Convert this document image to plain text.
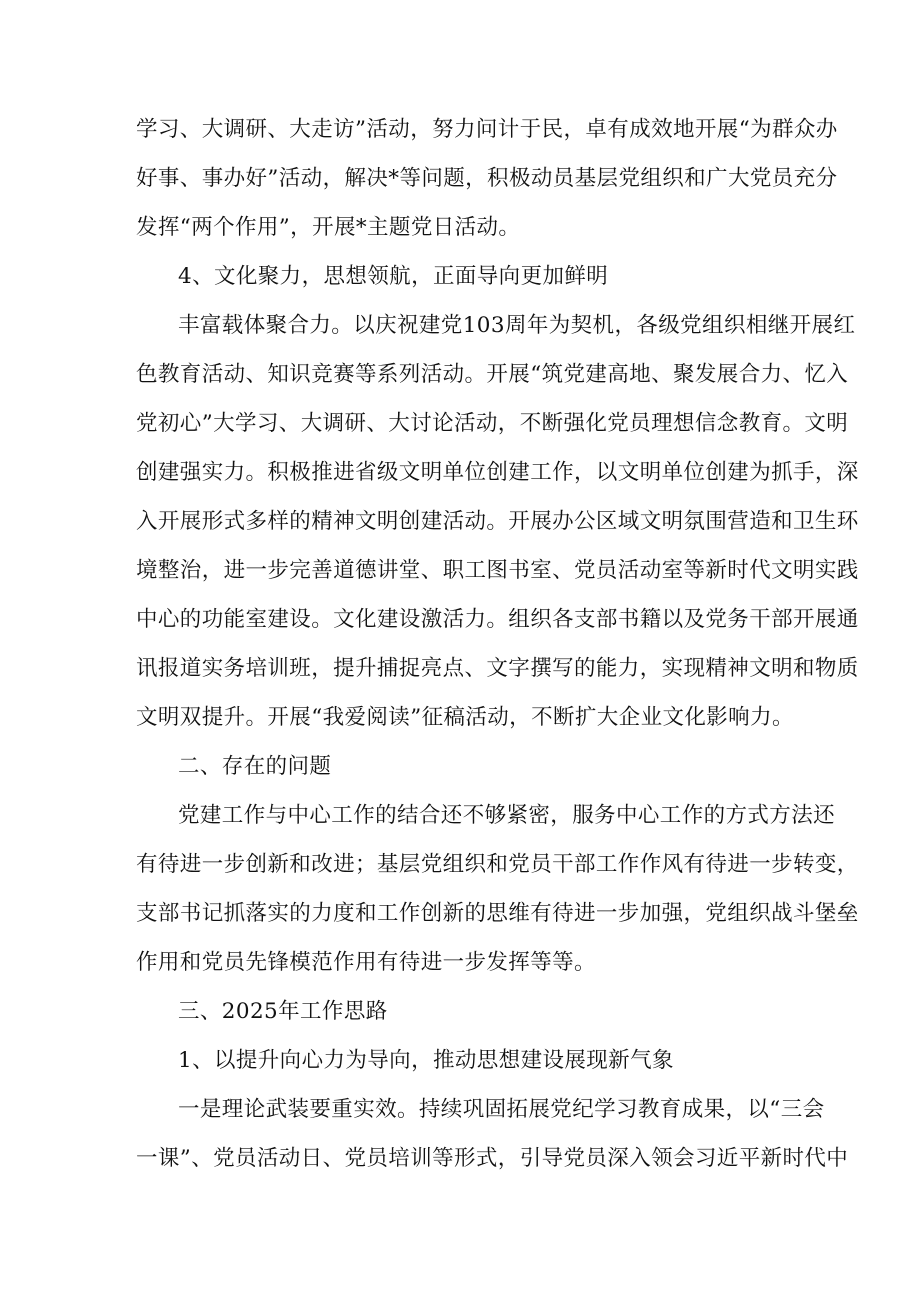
学习、大调研、大走访”活动，努力问计于民，卓有成效地开展“为群众办
好事、事办好”活动，解决*等问题，积极动员基层党组织和广大党员充分
发挥“两个作用”，开展*主题党日活动。
4、文化聚力，思想领航，正面导向更加鲜明
丰富载体聚合力。以庆祝建党103周年为契机，各级党组织相继开展红
色教育活动、知识竞赛等系列活动。开展“筑党建高地、聚发展合力、忆入
党初心”大学习、大调研、大讨论活动，不断强化党员理想信念教育。文明
创建强实力。积极推进省级文明单位创建工作，以文明单位创建为抓手，深
入开展形式多样的精神文明创建活动。开展办公区域文明氛围营造和卫生环
境整治，进一步完善道德讲堂、职工图书室、党员活动室等新时代文明实践
中心的功能室建设。文化建设激活力。组织各支部书籍以及党务干部开展通
讯报道实务培训班，提升捕捉亮点、文字撰写的能力，实现精神文明和物质
文明双提升。开展“我爱阅读”征稿活动，不断扩大企业文化影响力。
二、存在的问题
党建工作与中心工作的结合还不够紧密，服务中心工作的方式方法还
有待进一步创新和改进；基层党组织和党员干部工作作风有待进一步转变，
支部书记抓落实的力度和工作创新的思维有待进一步加强，党组织战斗堡垒
作用和党员先锋模范作用有待进一步发挥等等。
三、2025年工作思路
1、以提升向心力为导向，推动思想建设展现新气象
一是理论武装要重实效。持续巩固拓展党纪学习教育成果，以“三会
一课”、党员活动日、党员培训等形式，引导党员深入领会习近平新时代中
